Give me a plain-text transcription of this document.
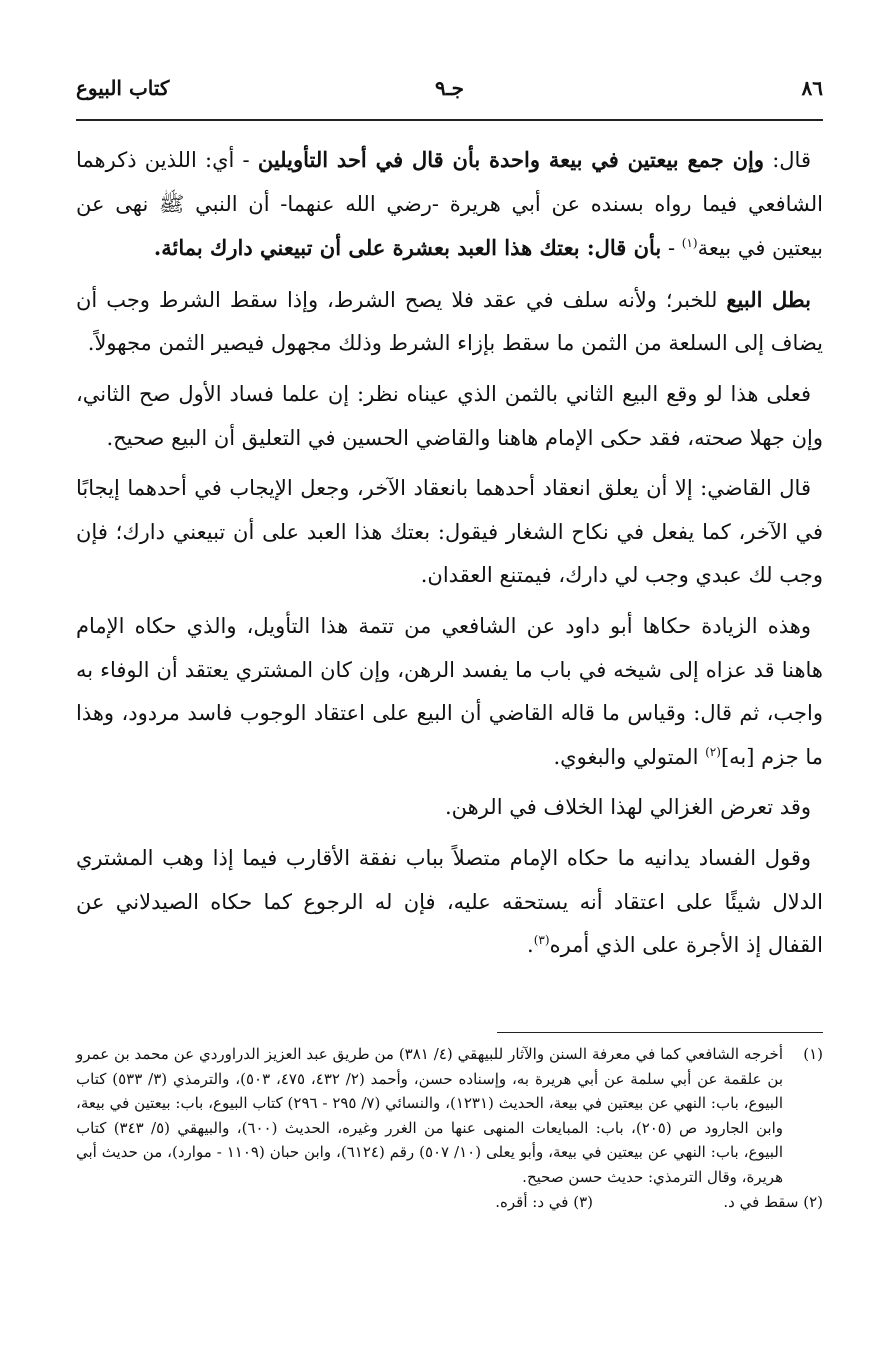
٨٦
جـ٩
كتاب البيوع

قال: وإن جمع بيعتين في بيعة واحدة بأن قال في أحد التأويلين - أي: اللذين ذكرهما الشافعي فيما رواه بسنده عن أبي هريرة -رضي الله عنهما- أن النبي ﷺ نهى عن بيعتين في بيعة$^{(١)}$ - بأن قال: بعتك هذا العبد بعشرة على أن تبيعني دارك بمائة.

بطل البيع للخبر؛ ولأنه سلف في عقد فلا يصح الشرط، وإذا سقط الشرط وجب أن يضاف إلى السلعة من الثمن ما سقط بإزاء الشرط وذلك مجهول فيصير الثمن مجهولاً.

فعلى هذا لو وقع البيع الثاني بالثمن الذي عيناه نظر: إن علما فساد الأول صح الثاني، وإن جهلا صحته، فقد حكى الإمام هاهنا والقاضي الحسين في التعليق أن البيع صحيح.

قال القاضي: إلا أن يعلق انعقاد أحدهما بانعقاد الآخر، وجعل الإيجاب في أحدهما إيجابًا في الآخر، كما يفعل في نكاح الشغار فيقول: بعتك هذا العبد على أن تبيعني دارك؛ فإن وجب لك عبدي وجب لي دارك، فيمتنع العقدان.

وهذه الزيادة حكاها أبو داود عن الشافعي من تتمة هذا التأويل، والذي حكاه الإمام هاهنا قد عزاه إلى شيخه في باب ما يفسد الرهن، وإن كان المشتري يعتقد أن الوفاء به واجب، ثم قال: وقياس ما قاله القاضي أن البيع على اعتقاد الوجوب فاسد مردود، وهذا ما جزم [به]$^{(٢)}$ المتولي والبغوي.

وقد تعرض الغزالي لهذا الخلاف في الرهن.

وقول الفساد يدانيه ما حكاه الإمام متصلاً بباب نفقة الأقارب فيما إذا وهب المشتري الدلال شيئًا على اعتقاد أنه يستحقه عليه، فإن له الرجوع كما حكاه الصيدلاني عن القفال إذ الأجرة على الذي أمره$^{(٣)}$.

(١)
أخرجه الشافعي كما في معرفة السنن والآثار للبيهقي (٤/ ٣٨١) من طريق عبد العزيز الدراوردي عن محمد بن عمرو بن علقمة عن أبي سلمة عن أبي هريرة به، وإسناده حسن، وأحمد (٢/ ٤٣٢، ٤٧٥، ٥٠٣)، والترمذي (٣/ ٥٣٣) كتاب البيوع، باب: النهي عن بيعتين في بيعة، الحديث (١٢٣١)، والنسائي (٧/ ٢٩٥ - ٢٩٦) كتاب البيوع، باب: بيعتين في بيعة، وابن الجارود ص (٢٠٥)، باب: المبايعات المنهى عنها من الغرر وغيره، الحديث (٦٠٠)، والبيهقي (٥/ ٣٤٣) كتاب البيوع، باب: النهي عن بيعتين في بيعة، وأبو يعلى (١٠/ ٥٠٧) رقم (٦١٢٤)، وابن حبان (١١٠٩ - موارد)، من حديث أبي هريرة، وقال الترمذي: حديث حسن صحيح.
(٢) سقط في د.
(٣) في د: أقره.
